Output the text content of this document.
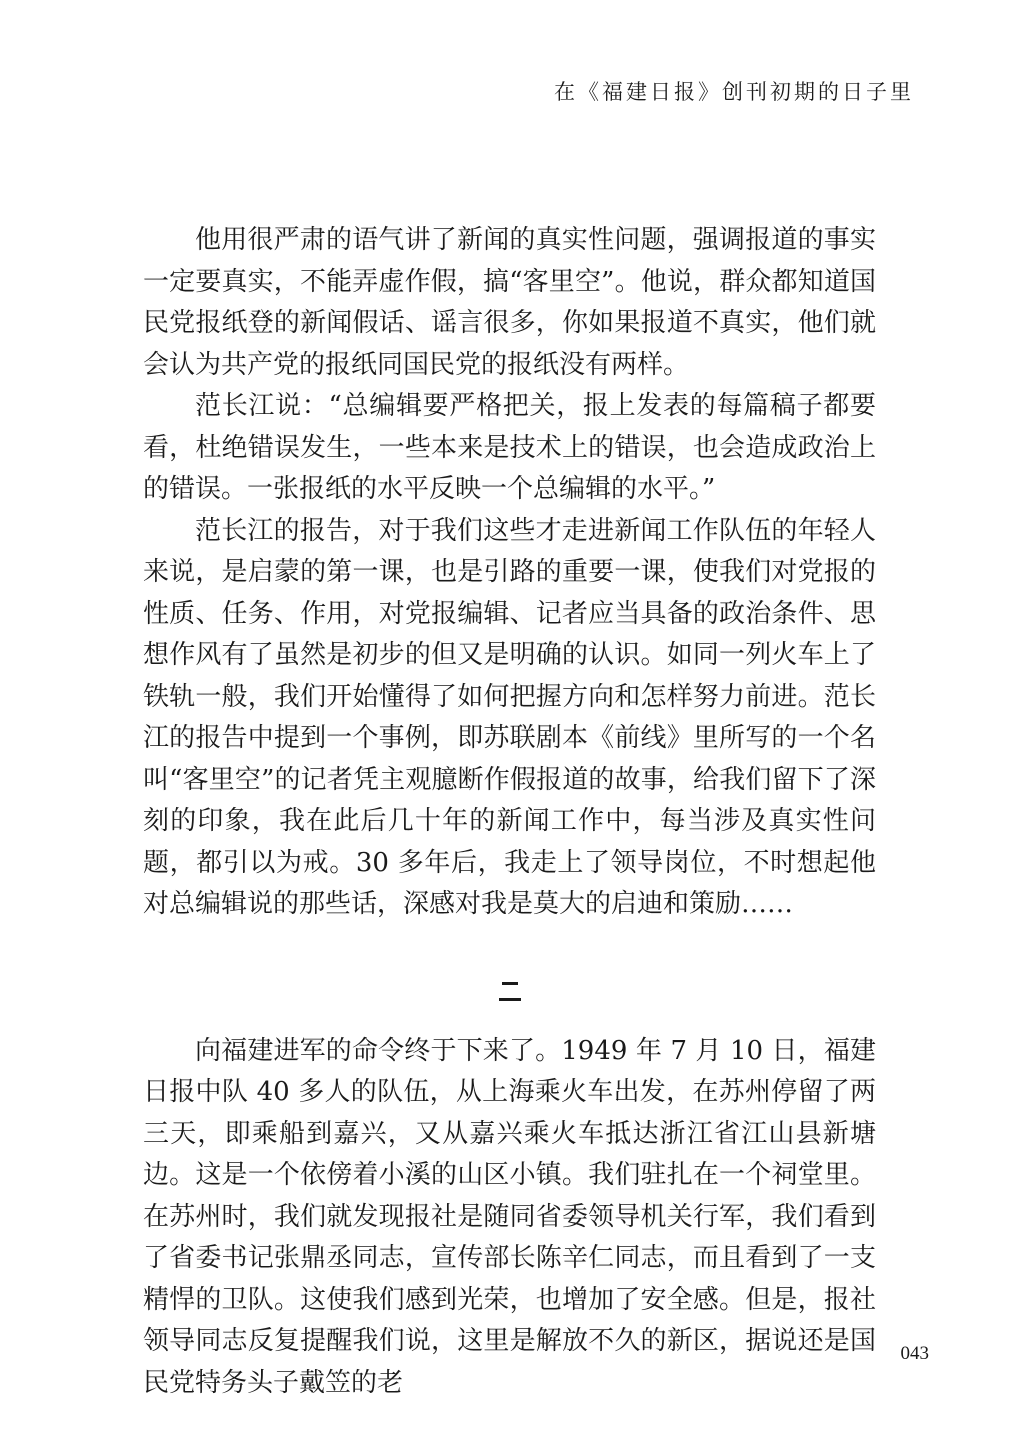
在《福建日报》创刊初期的日子里

他用很严肃的语气讲了新闻的真实性问题，强调报道的事实一定要真实，不能弄虚作假，搞“客里空”。他说，群众都知道国民党报纸登的新闻假话、谣言很多，你如果报道不真实，他们就会认为共产党的报纸同国民党的报纸没有两样。

范长江说：“总编辑要严格把关，报上发表的每篇稿子都要看，杜绝错误发生，一些本来是技术上的错误，也会造成政治上的错误。一张报纸的水平反映一个总编辑的水平。”

范长江的报告，对于我们这些才走进新闻工作队伍的年轻人来说，是启蒙的第一课，也是引路的重要一课，使我们对党报的性质、任务、作用，对党报编辑、记者应当具备的政治条件、思想作风有了虽然是初步的但又是明确的认识。如同一列火车上了铁轨一般，我们开始懂得了如何把握方向和怎样努力前进。范长江的报告中提到一个事例，即苏联剧本《前线》里所写的一个名叫“客里空”的记者凭主观臆断作假报道的故事，给我们留下了深刻的印象，我在此后几十年的新闻工作中，每当涉及真实性问题，都引以为戒。30 多年后，我走上了领导岗位，不时想起他对总编辑说的那些话，深感对我是莫大的启迪和策励……

向福建进军的命令终于下来了。1949 年 7 月 10 日，福建日报中队 40 多人的队伍，从上海乘火车出发，在苏州停留了两三天，即乘船到嘉兴，又从嘉兴乘火车抵达浙江省江山县新塘边。这是一个依傍着小溪的山区小镇。我们驻扎在一个祠堂里。在苏州时，我们就发现报社是随同省委领导机关行军，我们看到了省委书记张鼎丞同志，宣传部长陈辛仁同志，而且看到了一支精悍的卫队。这使我们感到光荣，也增加了安全感。但是，报社领导同志反复提醒我们说，这里是解放不久的新区，据说还是国民党特务头子戴笠的老

043
